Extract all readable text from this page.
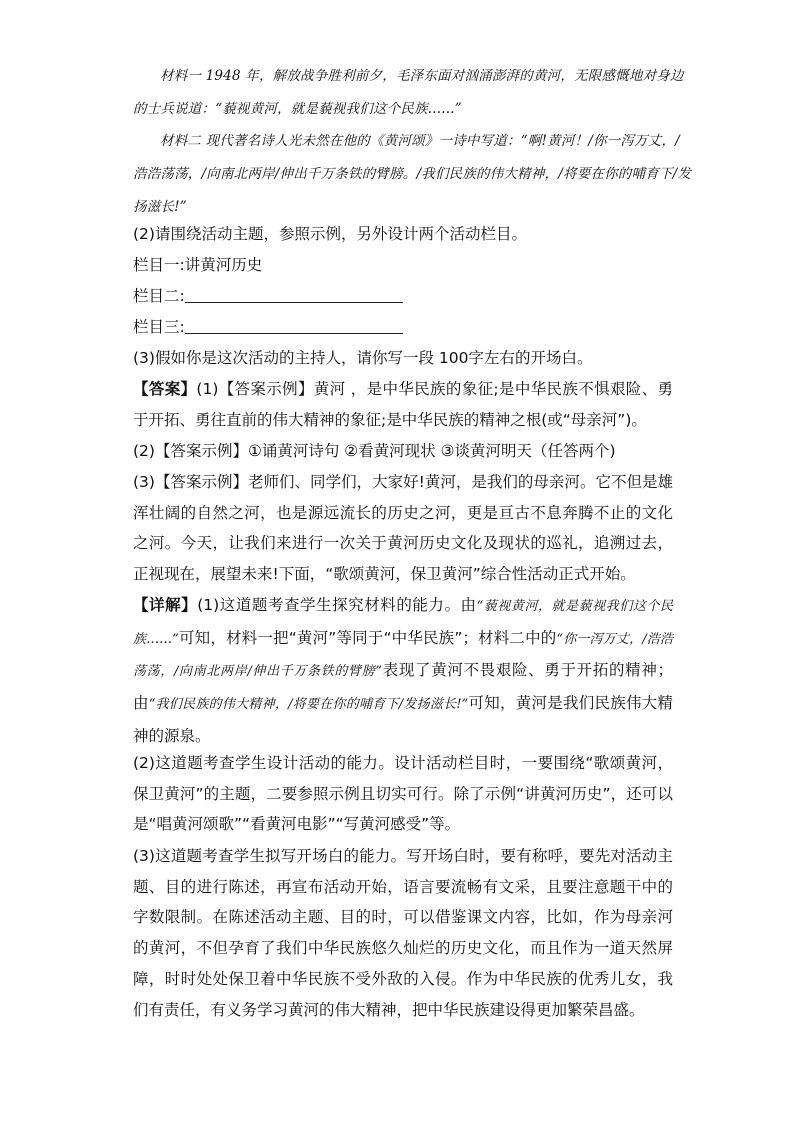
材料一 1948 年，解放战争胜利前夕，毛泽东面对汹涌澎湃的黄河，无限感慨地对身边的士兵说道：“藐视黄河，就是藐视我们这个民族......”
材料二 现代著名诗人光未然在他的《黄河颂》一诗中写道：“啊!黄河！/你一泻万丈，/浩浩荡荡，/向南北两岸/伸出千万条铁的臂膀。/我们民族的伟大精神，/将要在你的哺育下/发扬滋长!”
(2)请围绕活动主题，参照示例，另外设计两个活动栏目。
栏目一:讲黄河历史
栏目二:
栏目三:
(3)假如你是这次活动的主持人，请你写一段 100字左右的开场白。
【答案】(1)【答案示例】黄河 ，是中华民族的象征;是中华民族不惧艰险、勇于开拓、勇往直前的伟大精神的象征;是中华民族的精神之根(或“母亲河”)。
(2)【答案示例】①诵黄河诗句 ②看黄河现状 ③谈黄河明天（任答两个)
(3)【答案示例】老师们、同学们，大家好!黄河，是我们的母亲河。它不但是雄浑壮阔的自然之河，也是源远流长的历史之河，更是亘古不息奔腾不止的文化之河。今天，让我们来进行一次关于黄河历史文化及现状的巡礼，追溯过去，正视现在，展望未来!下面，“歌颂黄河，保卫黄河”综合性活动正式开始。
【详解】(1)这道题考查学生探究材料的能力。由“藐视黄河，就是藐视我们这个民族……”可知，材料一把“黄河”等同于“中华民族”；材料二中的“你一泻万丈，/浩浩荡荡，/向南北两岸/伸出千万条铁的臂膀”表现了黄河不畏艰险、勇于开拓的精神；由“我们民族的伟大精神，/将要在你的哺育下/发扬滋长!”可知，黄河是我们民族伟大精神的源泉。
(2)这道题考查学生设计活动的能力。设计活动栏目时，一要围绕“歌颂黄河，保卫黄河”的主题，二要参照示例且切实可行。除了示例“讲黄河历史”，还可以是“唱黄河颂歌”“看黄河电影”“写黄河感受”等。
(3)这道题考查学生拟写开场白的能力。写开场白时，要有称呼，要先对活动主题、目的进行陈述，再宣布活动开始，语言要流畅有文采，且要注意题干中的字数限制。在陈述活动主题、目的时，可以借鉴课文内容，比如，作为母亲河的黄河，不但孕育了我们中华民族悠久灿烂的历史文化，而且作为一道天然屏障，时时处处保卫着中华民族不受外敌的入侵。作为中华民族的优秀儿女，我们有责任，有义务学习黄河的伟大精神，把中华民族建设得更加繁荣昌盛。
